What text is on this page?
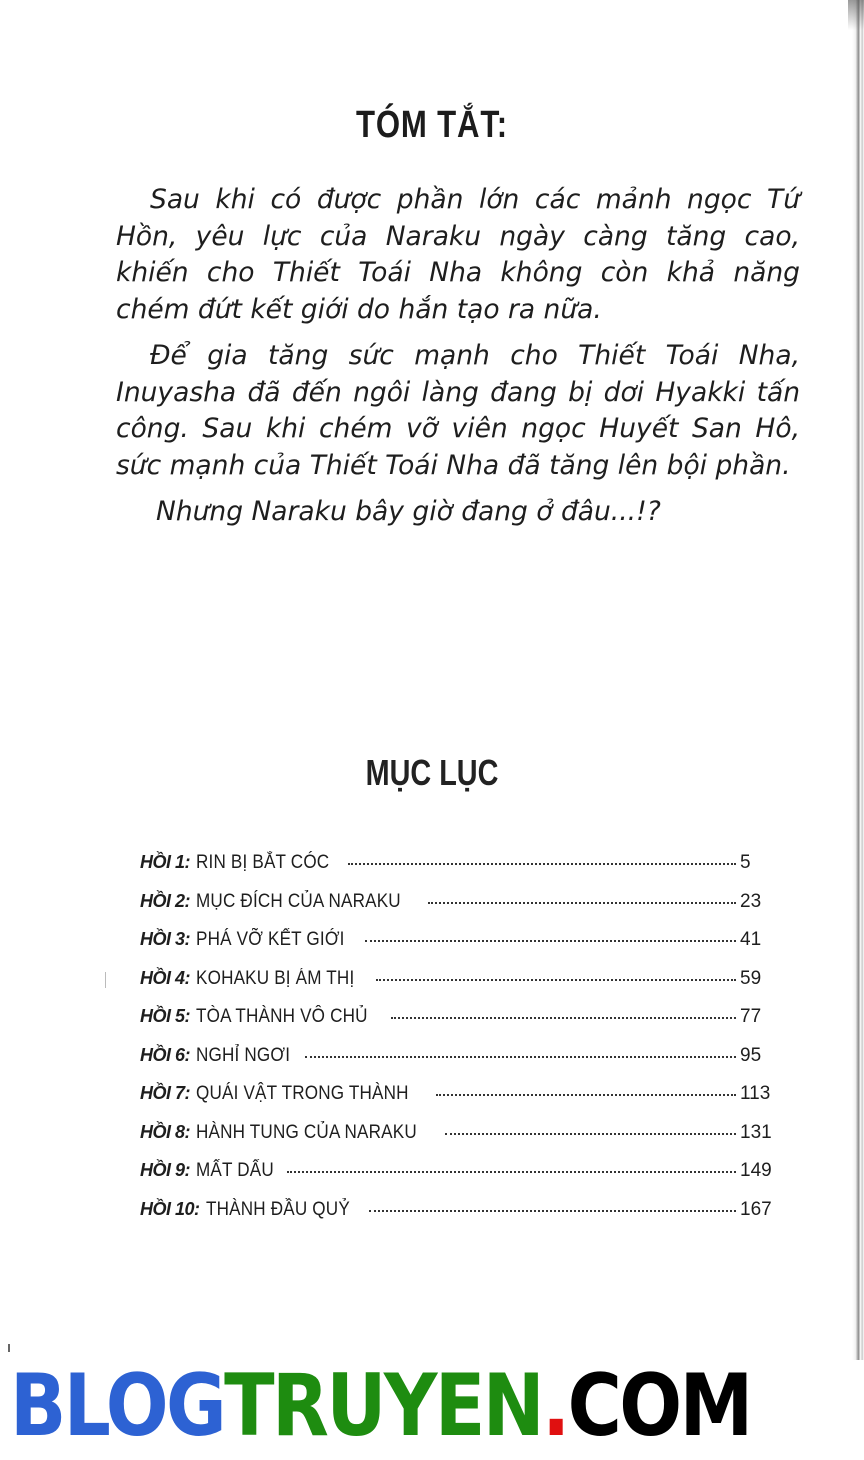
TÓM TẮT:

Sau khi có được phần lớn các mảnh ngọc Tứ Hồn, yêu lực của Naraku ngày càng tăng cao, khiến cho Thiết Toái Nha không còn khả năng chém đứt kết giới do hắn tạo ra nữa.

Để gia tăng sức mạnh cho Thiết Toái Nha, Inuyasha đã đến ngôi làng đang bị dơi Hyakki tấn công. Sau khi chém vỡ viên ngọc Huyết San Hô, sức mạnh của Thiết Toái Nha đã tăng lên bội phần.

Nhưng Naraku bây giờ đang ở đâu...!?

MỤC LỤC
HỒI 1: RIN BỊ BẮT CÓC	5
HỒI 2: MỤC ĐÍCH CỦA NARAKU	23
HỒI 3: PHÁ VỠ KẾT GIỚI	41
HỒI 4: KOHAKU BỊ ÁM THỊ	59
HỒI 5: TÒA THÀNH VÔ CHỦ	77
HỒI 6: NGHỈ NGƠI	95
HỒI 7: QUÁI VẬT TRONG THÀNH	113
HỒI 8: HÀNH TUNG CỦA NARAKU	131
HỒI 9: MẤT DẤU	149
HỒI 10: THÀNH ĐẦU QUỶ	167
BLOG TRUYEN . COM
